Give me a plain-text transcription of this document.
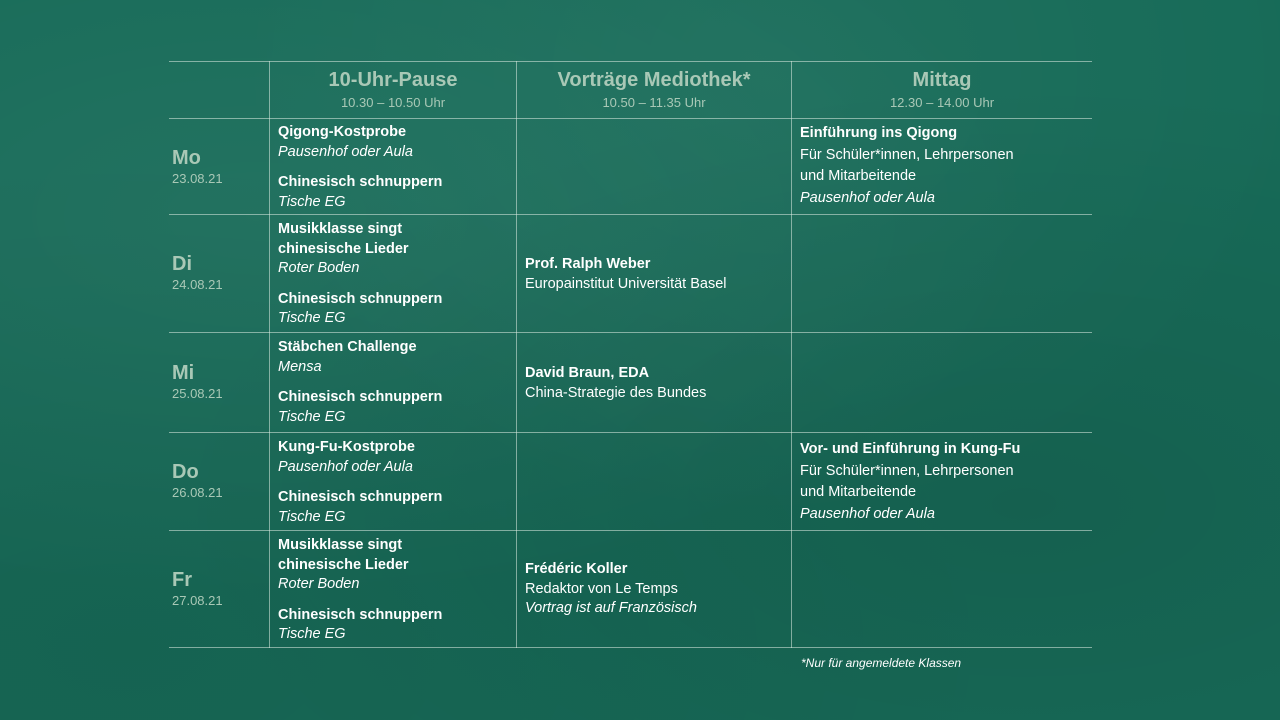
10-Uhr-Pause
10.30 – 10.50 Uhr
Vorträge Mediothek*
10.50 – 11.35 Uhr
Mittag
12.30 – 14.00 Uhr
Mo
23.08.21
Qigong-Kostprobe
Pausenhof oder Aula
Chinesisch schnuppern
Tische EG
Einführung ins Qigong
Für Schüler*innen, Lehrpersonen
und Mitarbeitende
Pausenhof oder Aula
Di
24.08.21
Musikklasse singt
chinesische Lieder
Roter Boden
Chinesisch schnuppern
Tische EG
Prof. Ralph Weber
Europainstitut Universität Basel
Mi
25.08.21
Stäbchen Challenge
Mensa
Chinesisch schnuppern
Tische EG
David Braun, EDA
China-Strategie des Bundes
Do
26.08.21
Kung-Fu-Kostprobe
Pausenhof oder Aula
Chinesisch schnuppern
Tische EG
Vor- und Einführung in Kung-Fu
Für Schüler*innen, Lehrpersonen
und Mitarbeitende
Pausenhof oder Aula
Fr
27.08.21
Musikklasse singt
chinesische Lieder
Roter Boden
Chinesisch schnuppern
Tische EG
Frédéric Koller
Redaktor von Le Temps
Vortrag ist auf Französisch
*Nur für angemeldete Klassen
